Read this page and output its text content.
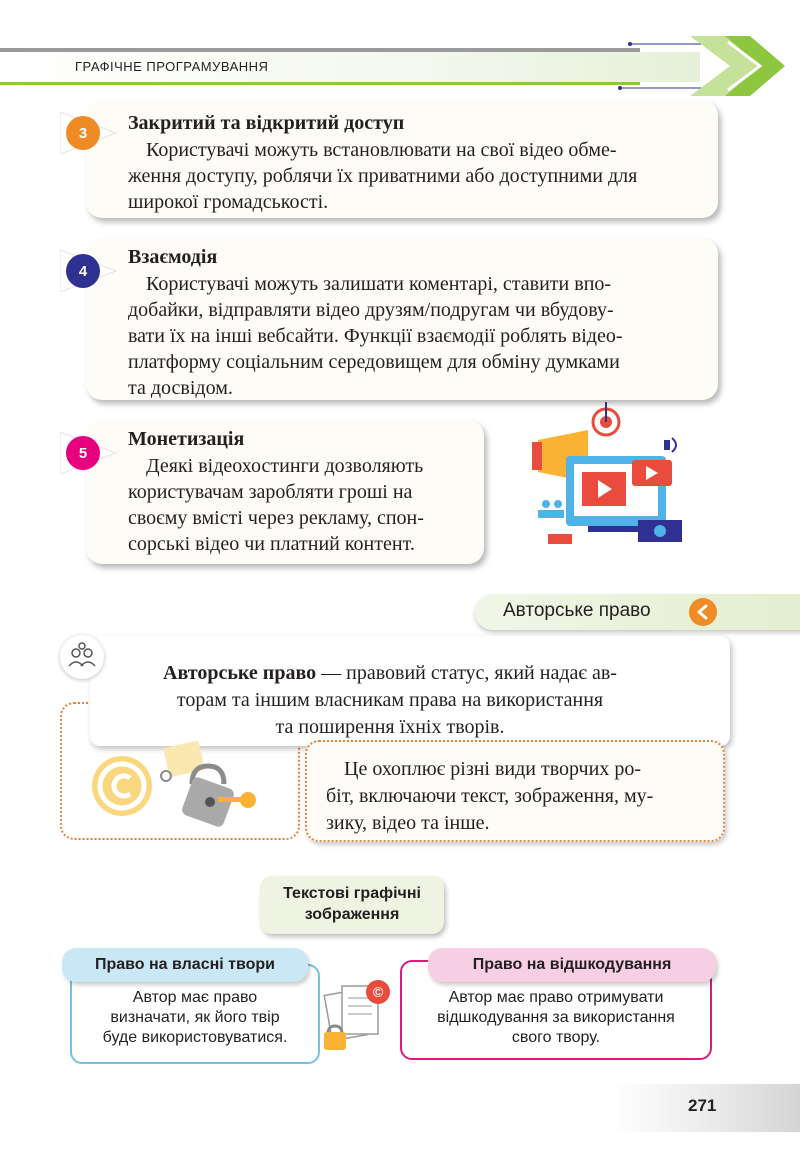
ГРАФІЧНЕ ПРОГРАМУВАННЯ
Закритий та відкритий доступ
Користувачі можуть встановлювати на свої відео обме-
ження доступу, роблячи їх приватними або доступними для
широкої громадськості.
3
Взаємодія
Користувачі можуть залишати коментарі, ставити впо-
добайки, відправляти відео друзям/подругам чи вбудову-
вати їх на інші вебсайти. Функції взаємодії роблять відео-
платформу соціальним середовищем для обміну думками
та досвідом.
4
Монетизація
Деякі відеохостинги дозволяють
користувачам заробляти гроші на
своєму вмісті через рекламу, спон-
сорські відео чи платний контент.
5
Авторське право
Авторське право — правовий статус, який надає ав-
торам та іншим власникам права на використання
та поширення їхніх творів.
Це охоплює різні види творчих ро-
біт, включаючи текст, зображення, му-
зику, відео та інше.
Текстові графічні
зображення
Право на власні твори
Автор має право
визначати, як його твір
буде використовуватися.
©
Право на відшкодування
Автор має право отримувати
відшкодування за використання
свого твору.
271
